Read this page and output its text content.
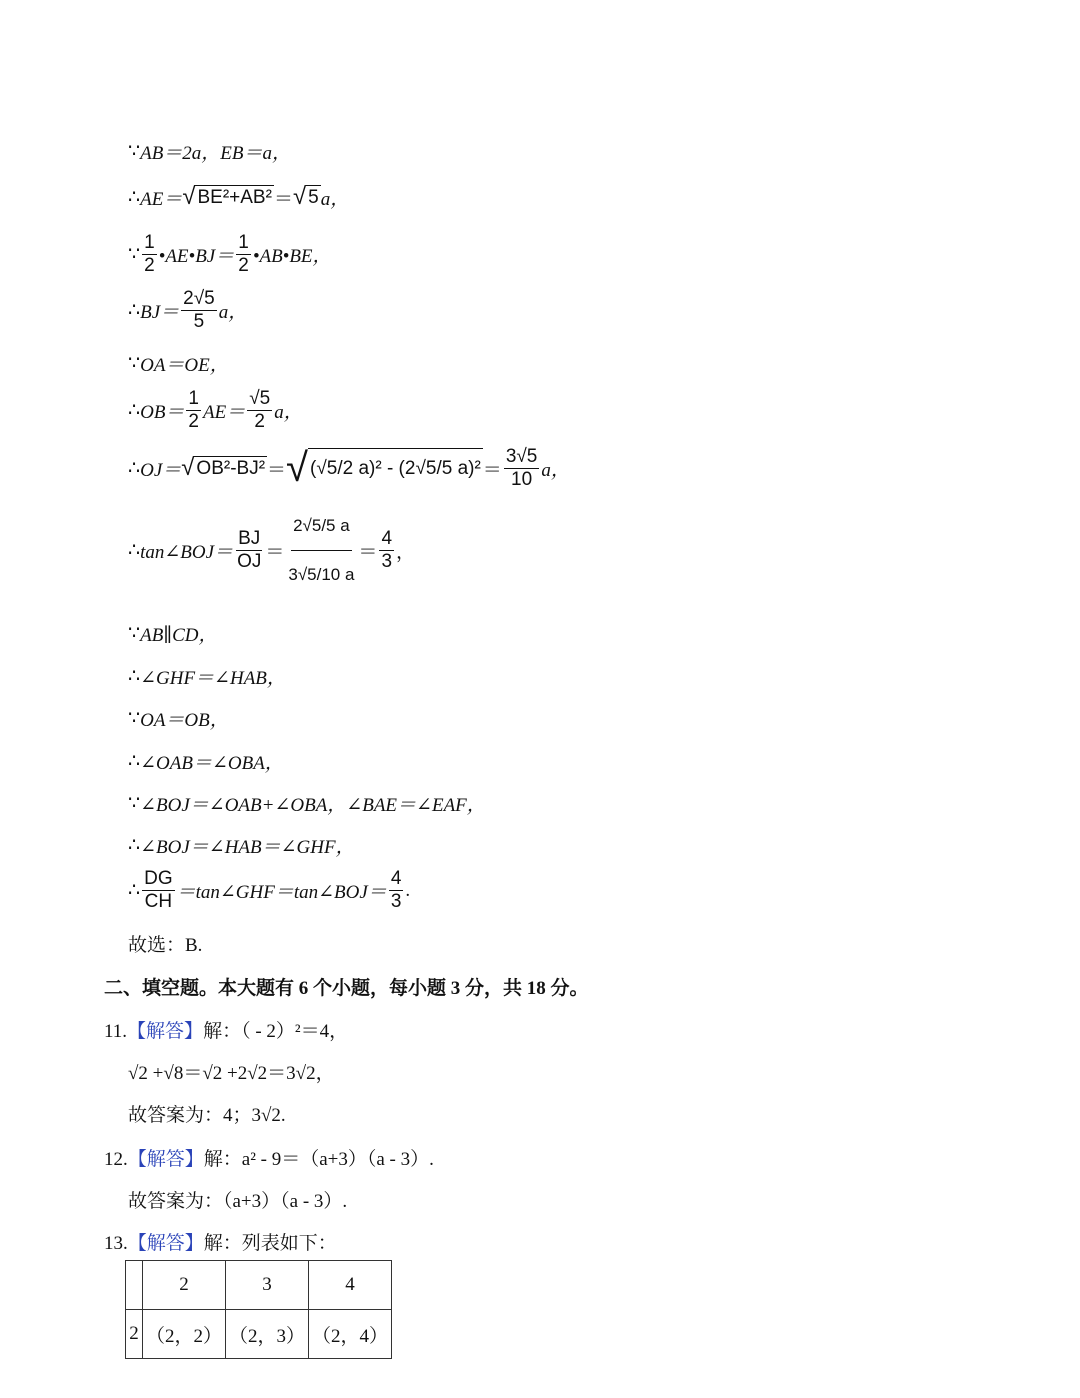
∵ AB＝2a，EB＝a，
∴ AE＝ √ BE²+AB² ＝ √ 5 a，
∵ $\frac{1}{2}$ •AE•BJ＝ $\frac{1}{2}$ •AB•BE，
∴ $BJ= \frac{2√5}{5}$ a，
∵ OA＝OE，
∴ $OB= \frac{1}{2} AE= \frac{√5}{2}$ a，
∴ OJ＝ √ OB²-BJ² ＝ √ (√5/2 a)² - (2√5/5 $a)^2 = \frac{3√5}{10}$ a，
∴ tan∠BOJ＝ $\frac{BJ}{OJ} = \frac{2√5/5 a}{3√5/10 a} = \frac{4}{3}$ ，
∵ AB∥CD，
∴ ∠GHF＝∠HAB，
∵ OA＝OB，
∴ ∠OAB＝∠OBA，
∵ ∠BOJ＝∠OAB+∠OBA，∠BAE＝∠EAF，
∴ ∠BOJ＝∠HAB＝∠GHF，
∴ $\frac{DG}{CH}$ ＝tan∠GHF＝tan∠BOJ＝ $\frac{4}{3}$ .
故选：B.
二、填空题。本大题有 6 个小题，每小题 3 分，共 18 分。
11.【解答】解：（ - 2）²＝4，
√2 +√8＝√2 +2√2＝3√2，
故答案为：4；3√2.
12.【解答】解：a² - 9＝（a+3）（a - 3）.
故答案为：（a+3）（a - 3）.
13.【解答】解：列表如下：
	2	3	4
2	（2，2）	（2，3）	（2，4）
